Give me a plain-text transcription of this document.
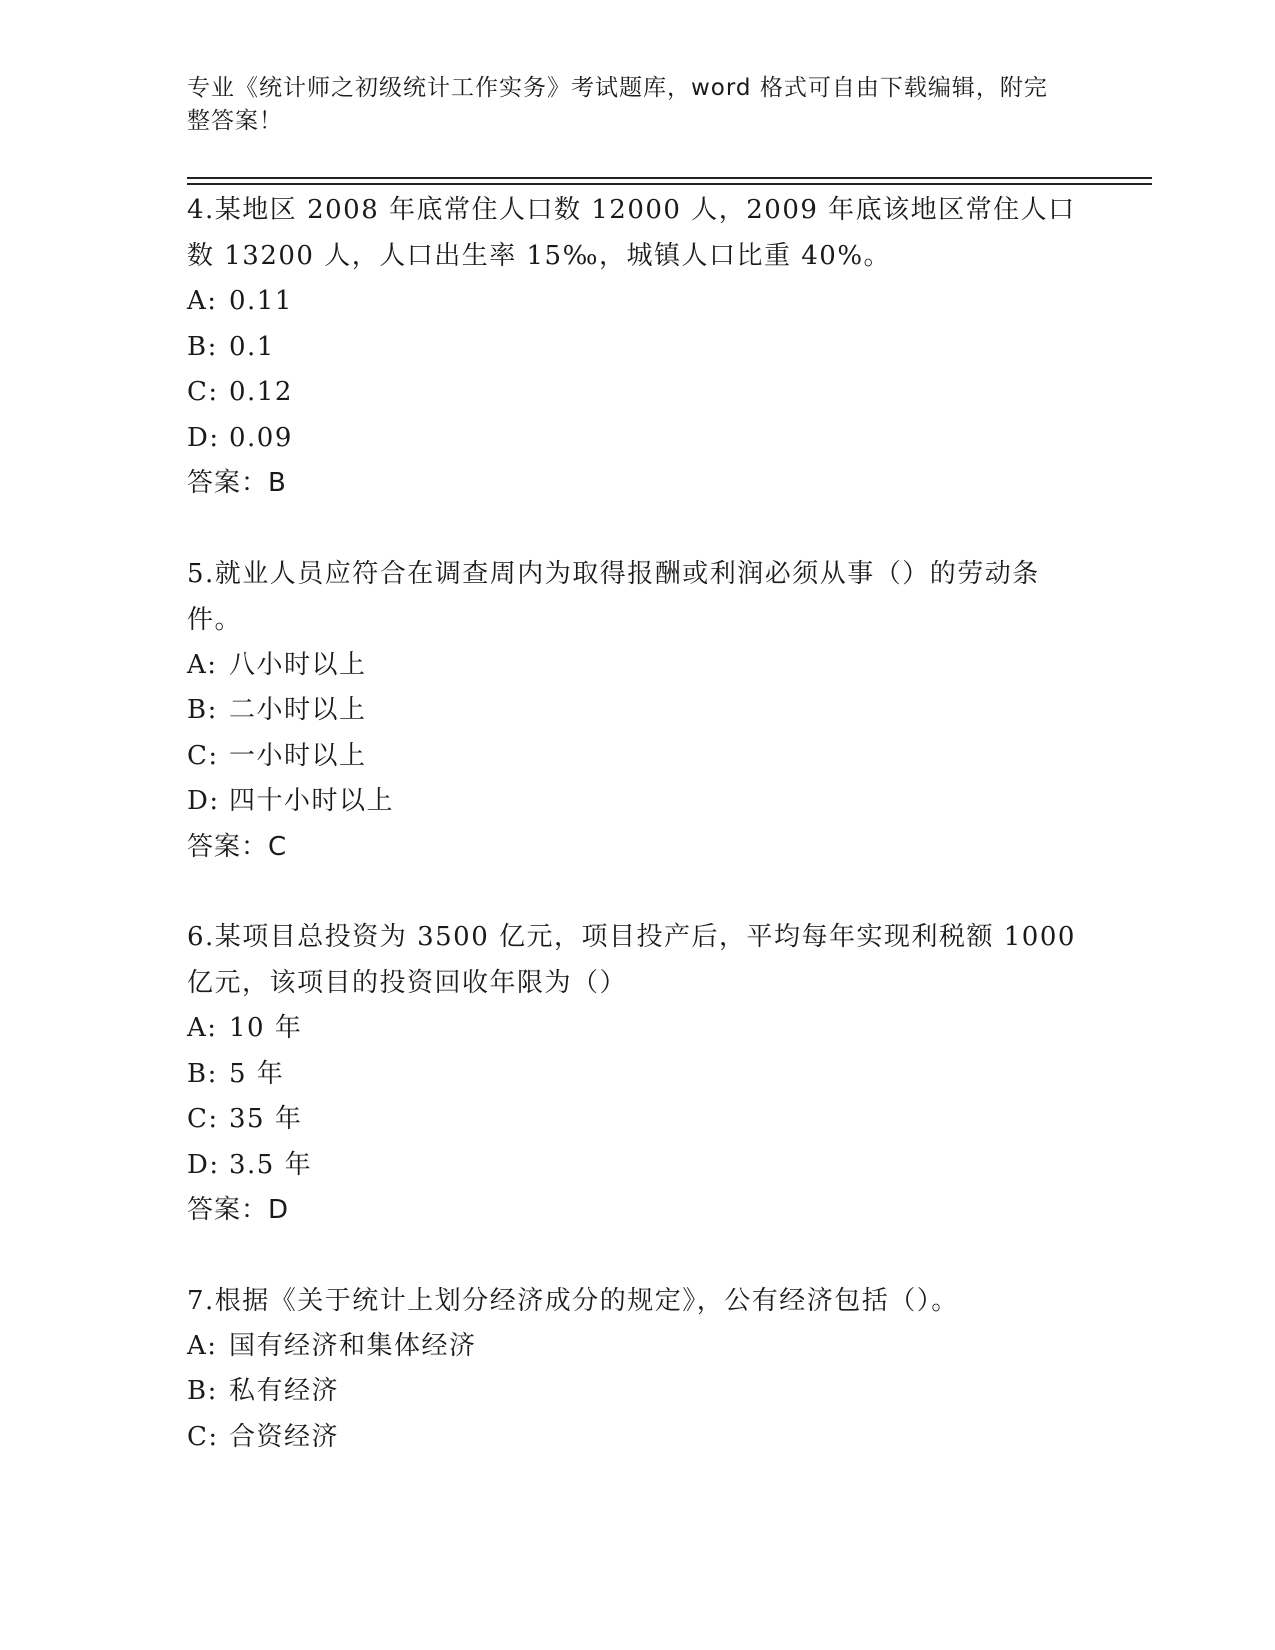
专业《统计师之初级统计工作实务》考试题库，word 格式可自由下载编辑，附完整答案！

4.某地区 2008 年底常住人口数 12000 人，2009 年底该地区常住人口数 13200 人，人口出生率 15‰，城镇人口比重 40%。

A: 0.11

B: 0.1

C: 0.12

D: 0.09

答案：B

5.就业人员应符合在调查周内为取得报酬或利润必须从事（）的劳动条件。

A: 八小时以上

B: 二小时以上

C: 一小时以上

D: 四十小时以上

答案：C

6.某项目总投资为 3500 亿元，项目投产后，平均每年实现利税额 1000 亿元，该项目的投资回收年限为（）

A: 10 年

B: 5 年

C: 35 年

D: 3.5 年

答案：D

7.根据《关于统计上划分经济成分的规定》，公有经济包括（）。

A: 国有经济和集体经济

B: 私有经济

C: 合资经济
